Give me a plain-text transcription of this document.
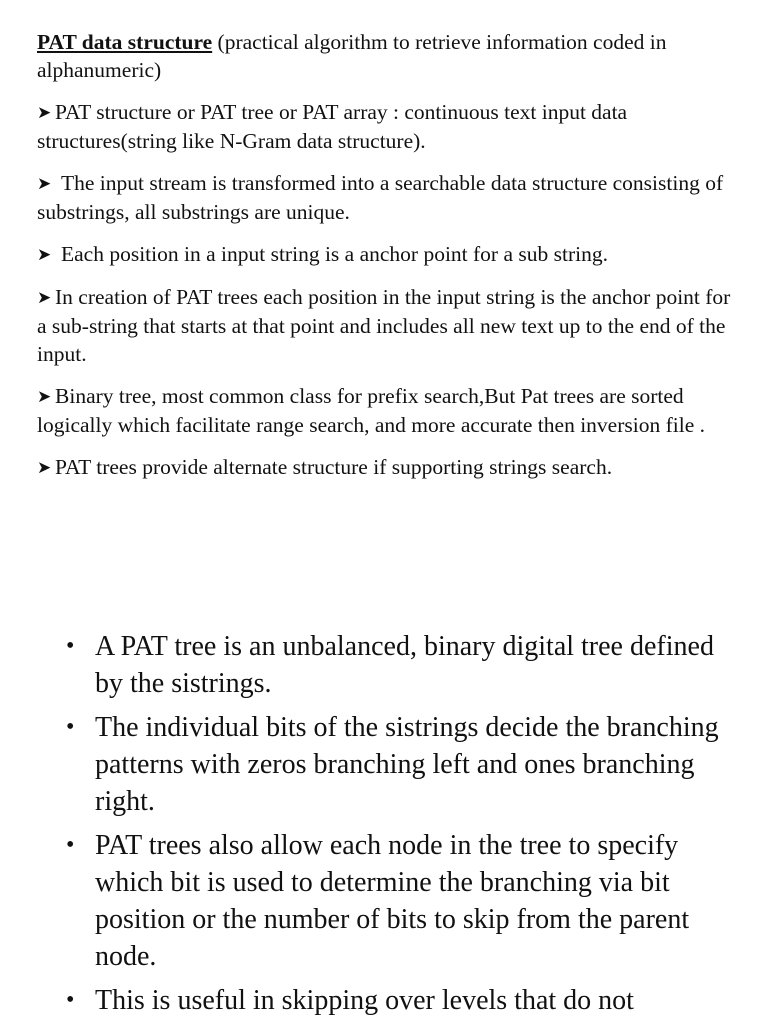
PAT data structure (practical algorithm to retrieve information coded in alphanumeric)

➤ PAT structure or PAT tree or PAT array : continuous text input data structures(string like N-Gram data structure).

➤ The input stream is transformed into a searchable data structure consisting of substrings, all substrings are unique.

➤ Each position in a input string is a anchor point for a sub string.

➤ In creation of PAT trees each position in the input string is the anchor point for a sub-string that starts at that point and includes all new text up to the end of the input.

➤ Binary tree, most common class for prefix search,But Pat trees are sorted logically which facilitate range search, and more accurate then inversion file .

➤ PAT trees provide alternate structure if supporting strings search.

• A PAT tree is an unbalanced, binary digital tree defined by the sistrings.
• The individual bits of the sistrings decide the branching patterns with zeros branching left and ones branching right.
• PAT trees also allow each node in the tree to specify which bit is used to determine the branching via bit position or the number of bits to skip from the parent node.
• This is useful in skipping over levels that do not
